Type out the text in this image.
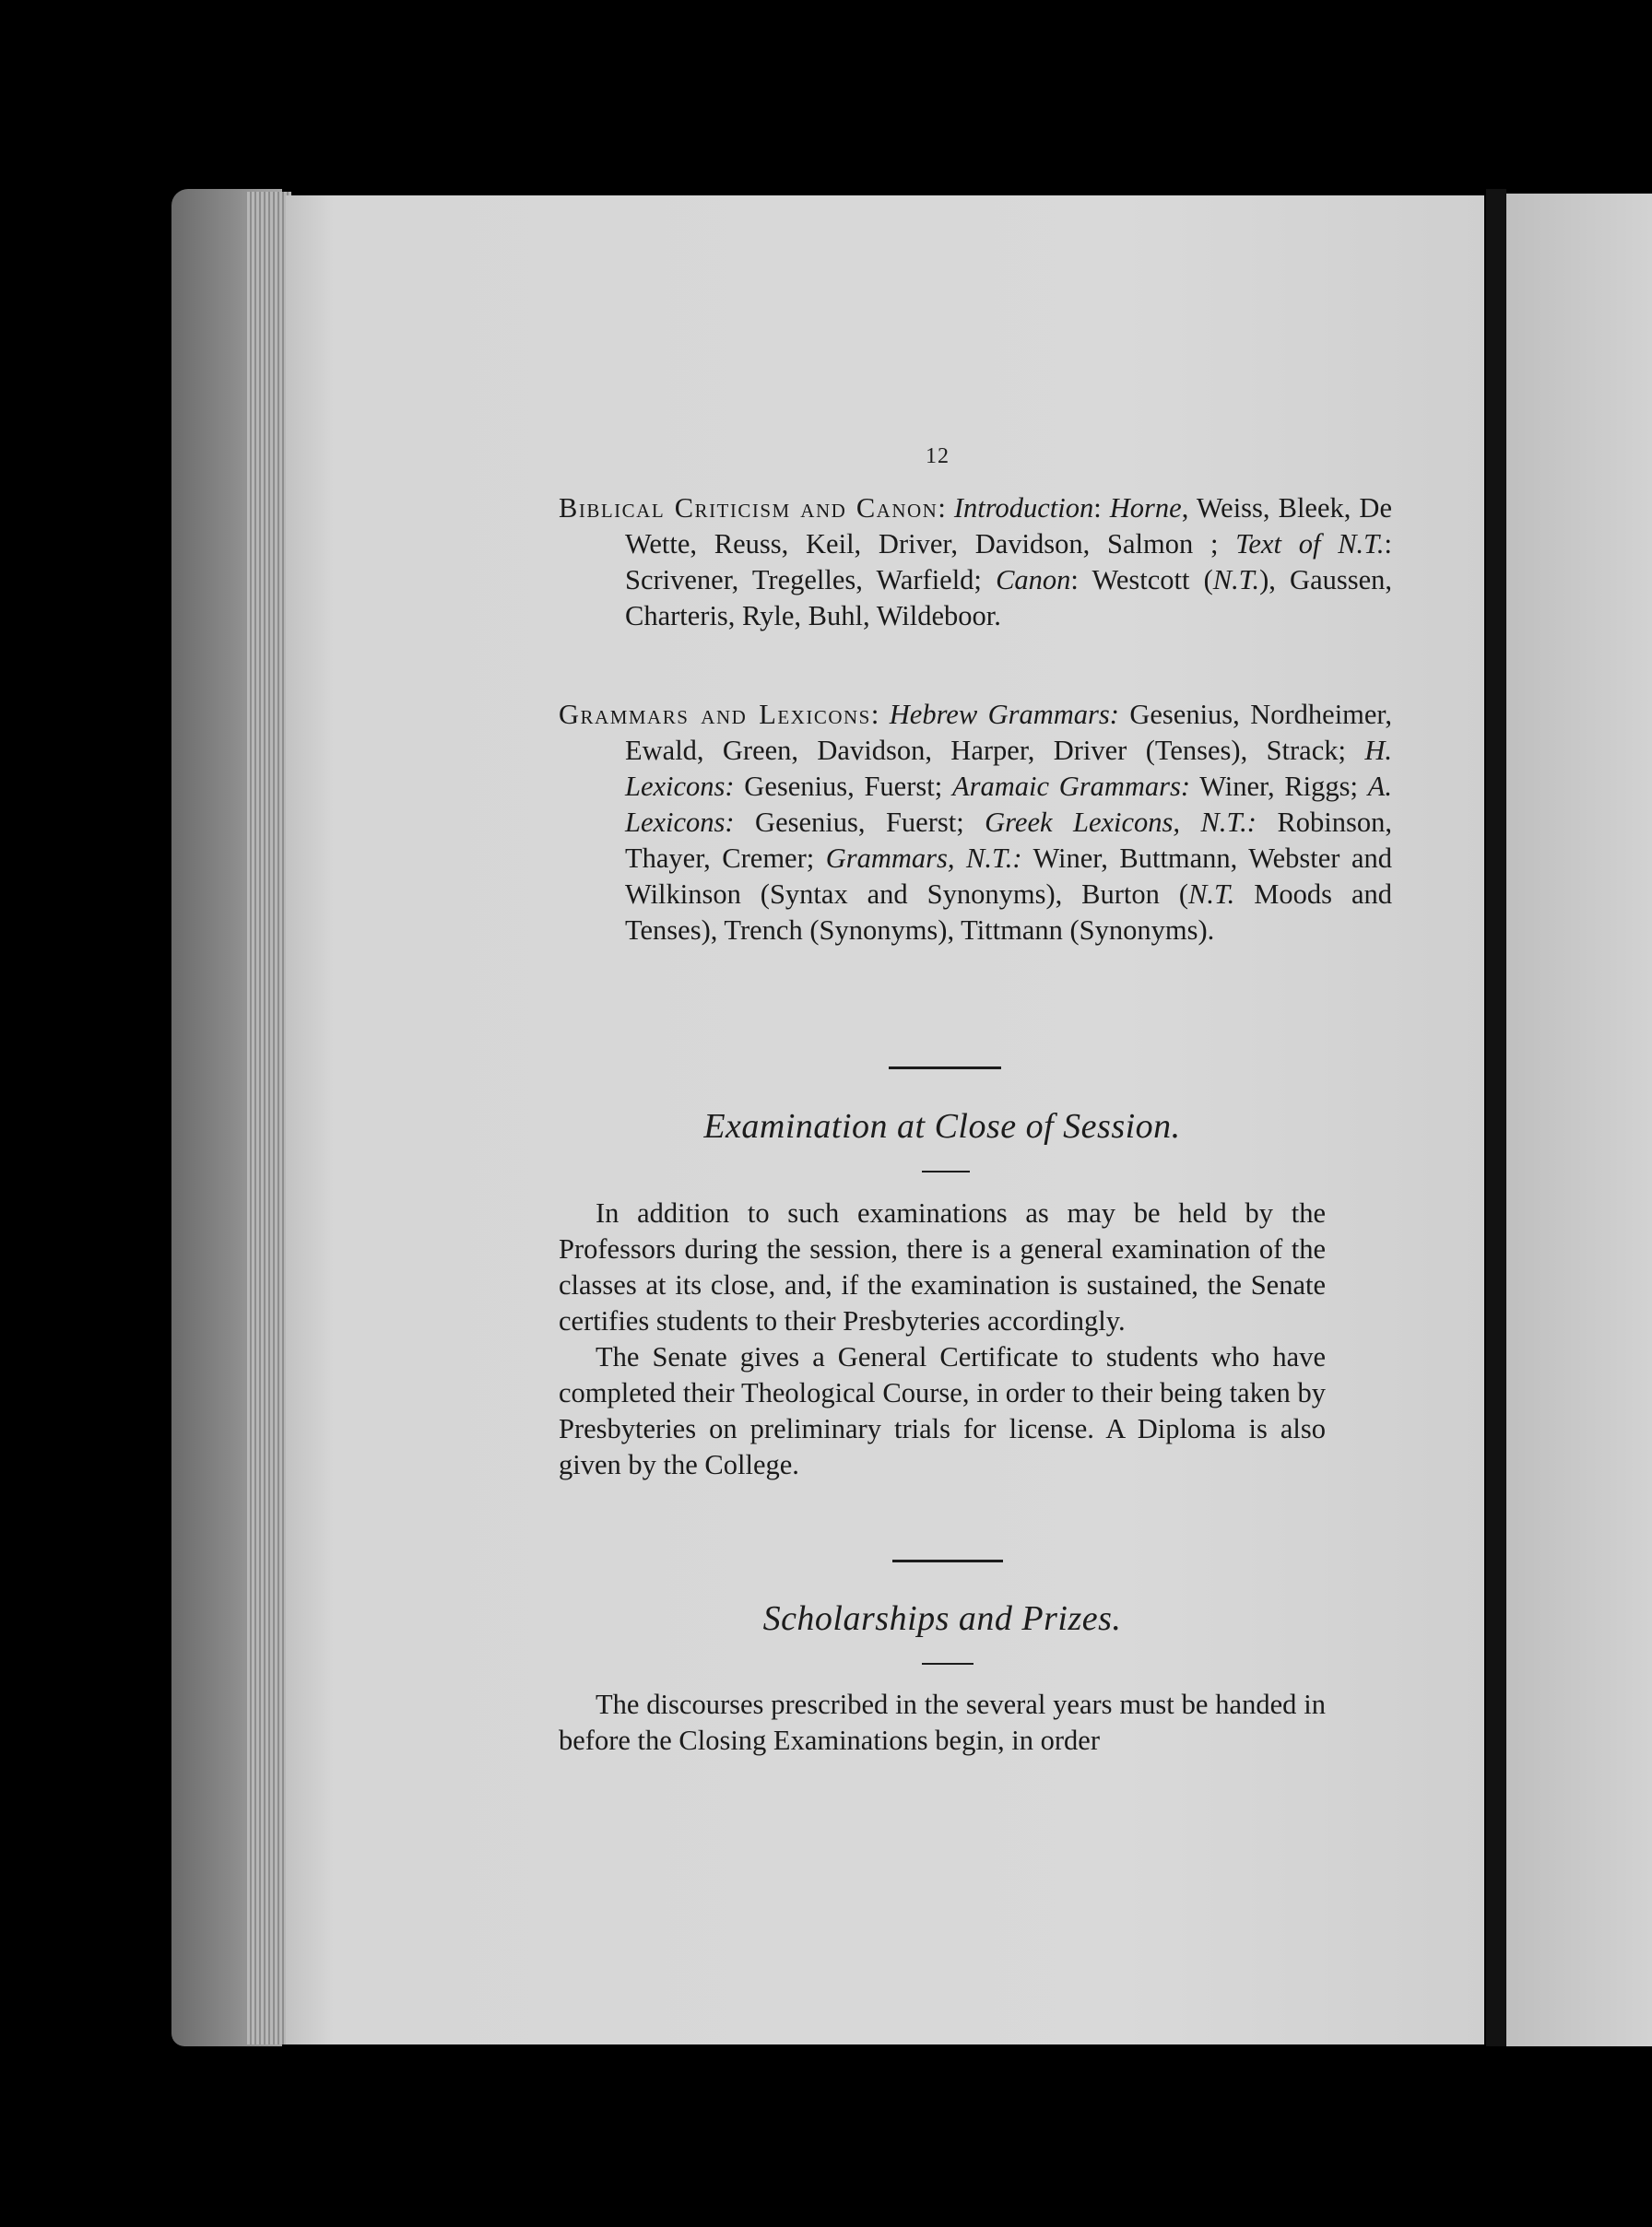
12
Biblical Criticism and Canon: Introduction: Horne, Weiss, Bleek, De Wette, Reuss, Keil, Driver, Davidson, Salmon ; Text of N.T.: Scrivener, Tregelles, Warfield; Canon: Westcott (N.T.), Gaussen, Charteris, Ryle, Buhl, Wildeboor.
Grammars and Lexicons: Hebrew Grammars: Gesenius, Nordheimer, Ewald, Green, Davidson, Harper, Driver (Tenses), Strack; H. Lexicons: Gesenius, Fuerst; Aramaic Grammars: Winer, Riggs; A. Lexicons: Gesenius, Fuerst; Greek Lexicons, N.T.: Robinson, Thayer, Cremer; Grammars, N.T.: Winer, Buttmann, Webster and Wilkinson (Syntax and Synonyms), Burton (N.T. Moods and Tenses), Trench (Synonyms), Tittmann (Synonyms).
Examination at Close of Session.

In addition to such examinations as may be held by the Professors during the session, there is a general examination of the classes at its close, and, if the examination is sustained, the Senate certifies students to their Presbyteries accordingly.

The Senate gives a General Certificate to students who have completed their Theological Course, in order to their being taken by Presbyteries on preliminary trials for license. A Diploma is also given by the College.

Scholarships and Prizes.

The discourses prescribed in the several years must be handed in before the Closing Examinations begin, in order
